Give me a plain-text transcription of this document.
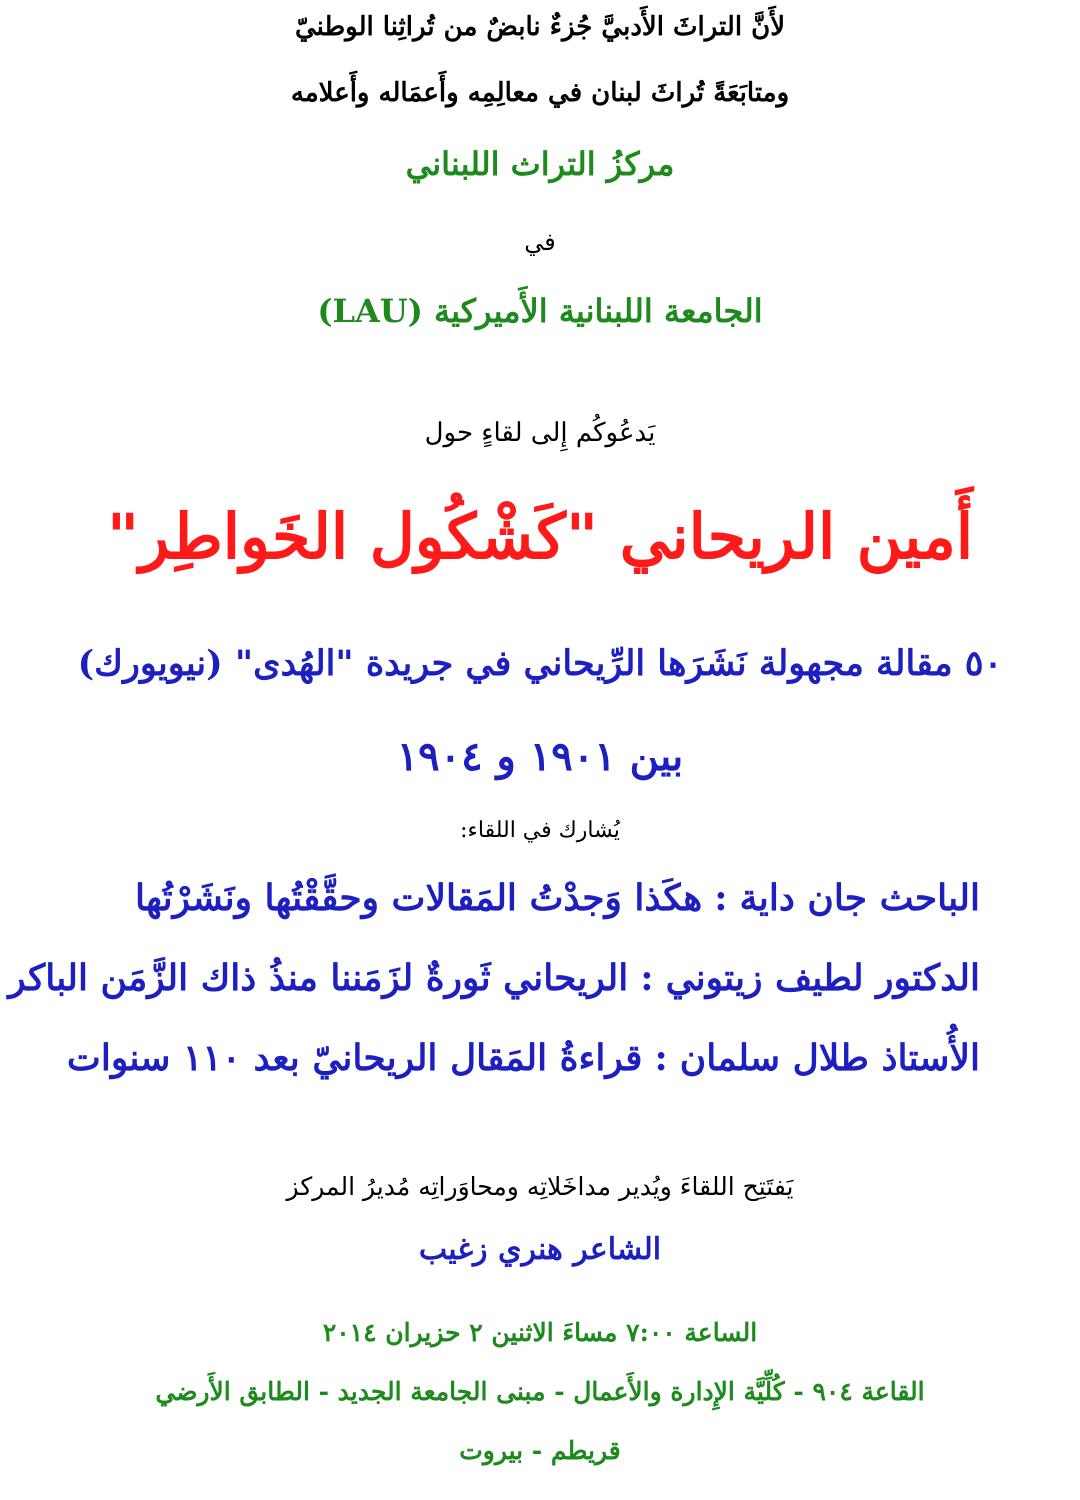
لأَنَّ التراثَ الأَدبيَّ جُزءٌ نابضٌ من تُراثِنا الوطنيّ
ومتابَعَةً تُراثَ لبنان في معالِمِه وأَعمَاله وأَعلامه
مركزُ التراث اللبناني
في
الجامعة اللبنانية الأَميركية (LAU)
يَدعُوكُم إِلى لقاءٍ حول
أَمين الريحاني "كَشْكُول الخَواطِر"
٥٠ مقالة مجهولة نَشَرَها الرِّيحاني في جريدة "الهُدى" (نيويورك)
بين ١٩٠١ و ١٩٠٤
يُشارك في اللقاء:
الباحث جان داية:هكَذا وَجدْتُ المَقالات وحقَّقْتُها ونَشَرْتُها
الدكتور لطيف زيتوني:الريحاني ثَورةٌ لزَمَننا منذُ ذاك الزَّمَن الباكر
الأُستاذ طلال سلمان:قراءةُ المَقال الريحانيّ بعد ١١٠ سنوات
يَفتَتِح اللقاءَ ويُدير مداخَلاتِه ومحاوَراتِه مُديرُ المركز
الشاعر هنري زغيب
الساعة ٧:٠٠ مساءَ الاثنين ٢ حزيران ٢٠١٤
القاعة ٩٠٤ - كُلِّيَّة الإِدارة والأَعمال - مبنى الجامعة الجديد - الطابق الأَرضي
قريطم - بيروت
